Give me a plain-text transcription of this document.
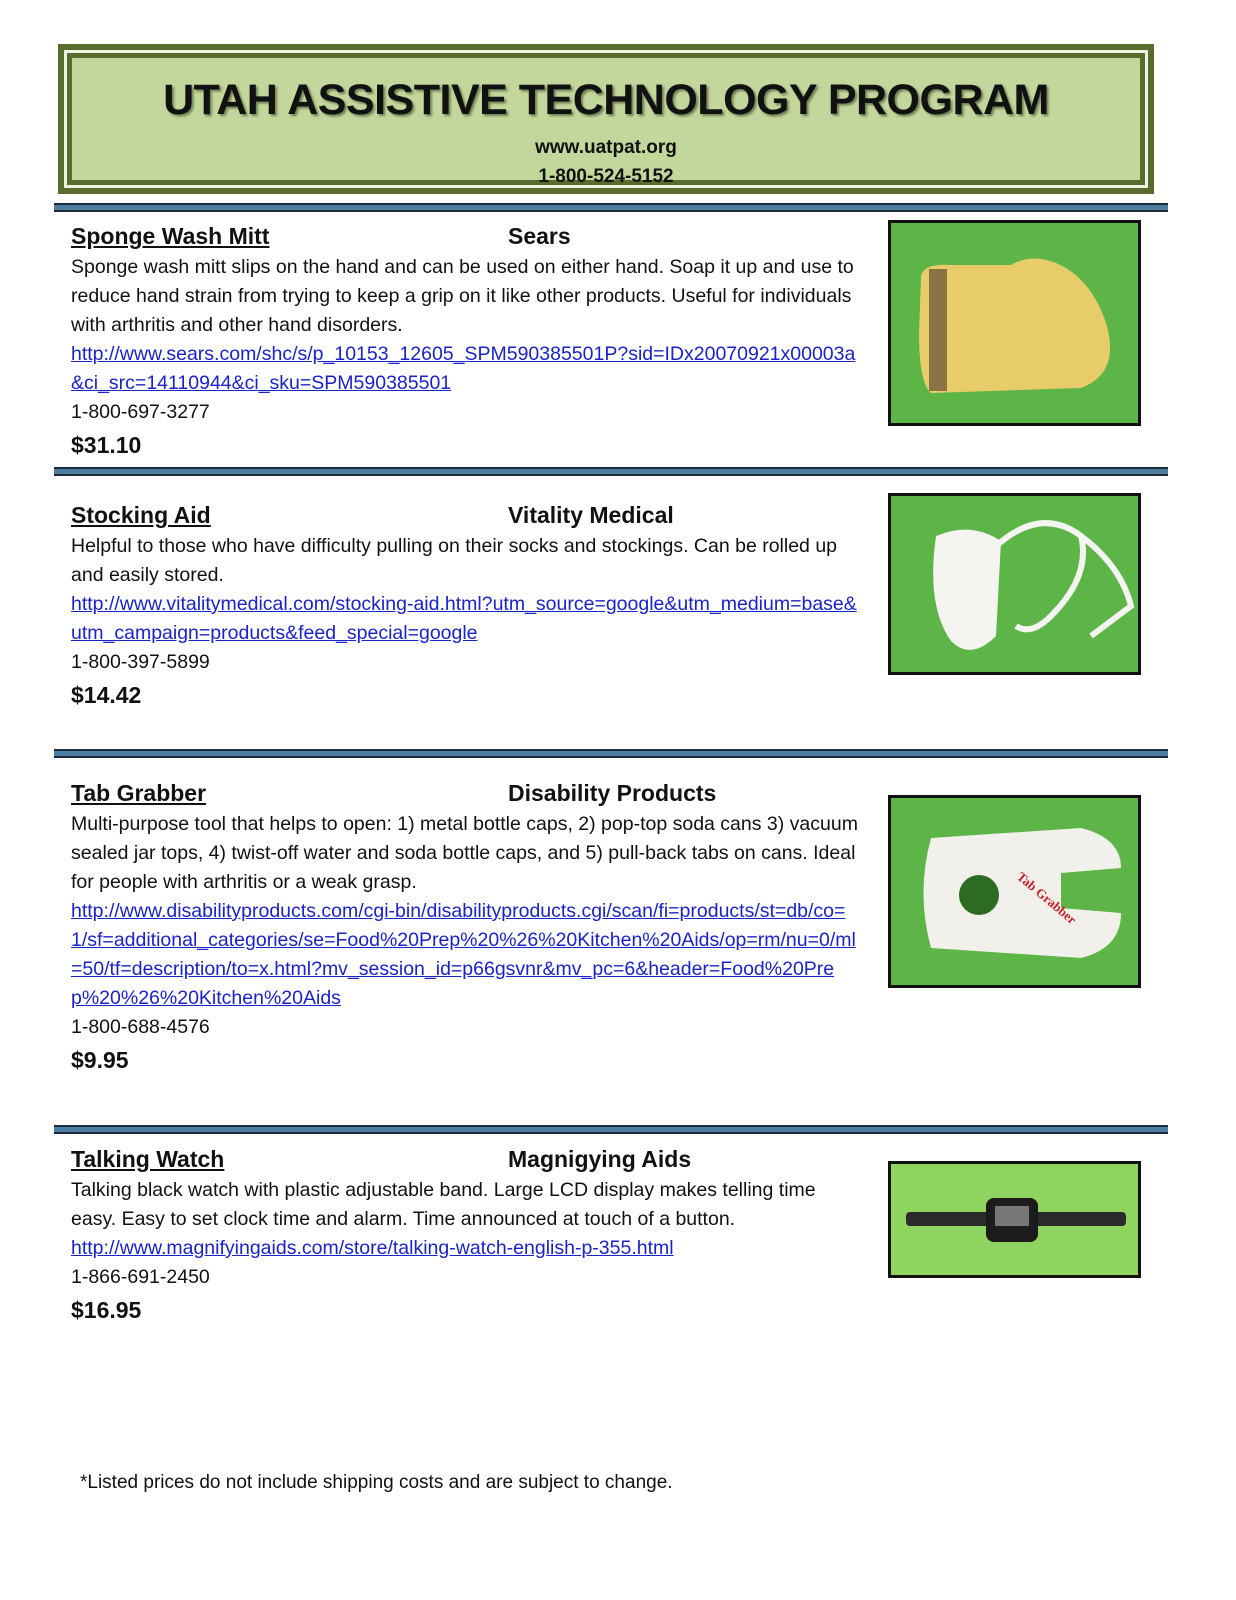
UTAH ASSISTIVE TECHNOLOGY PROGRAM
www.uatpat.org
1-800-524-5152
Sponge Wash Mitt	Sears
Sponge wash mitt slips on the hand and can be used on either hand. Soap it up and use to reduce hand strain from trying to keep a grip on it like other products. Useful for individuals with arthritis and other hand disorders.
http://www.sears.com/shc/s/p_10153_12605_SPM590385501P?sid=IDx20070921x00003a&ci_src=14110944&ci_sku=SPM590385501
1-800-697-3277
$31.10
Stocking Aid	Vitality Medical
Helpful to those who have difficulty pulling on their socks and stockings. Can be rolled up and easily stored.
http://www.vitalitymedical.com/stocking-aid.html?utm_source=google&utm_medium=base&utm_campaign=products&feed_special=google
1-800-397-5899
$14.42
Tab Grabber	Disability Products
Multi-purpose tool that helps to open: 1) metal bottle caps, 2) pop-top soda cans 3) vacuum sealed jar tops, 4) twist-off water and soda bottle caps, and 5) pull-back tabs on cans. Ideal for people with arthritis or a weak grasp.
http://www.disabilityproducts.com/cgi-bin/disabilityproducts.cgi/scan/fi=products/st=db/co=1/sf=additional_categories/se=Food%20Prep%20%26%20Kitchen%20Aids/op=rm/nu=0/ml=50/tf=description/to=x.html?mv_session_id=p66gsvnr&mv_pc=6&header=Food%20Prep%20%26%20Kitchen%20Aids
1-800-688-4576
$9.95
Tab Grabber
Talking Watch	Magnigying Aids
Talking black watch with plastic adjustable band. Large LCD display makes telling time easy. Easy to set clock time and alarm. Time announced at touch of a button.
http://www.magnifyingaids.com/store/talking-watch-english-p-355.html
1-866-691-2450
$16.95
*Listed prices do not include shipping costs and are subject to change.
